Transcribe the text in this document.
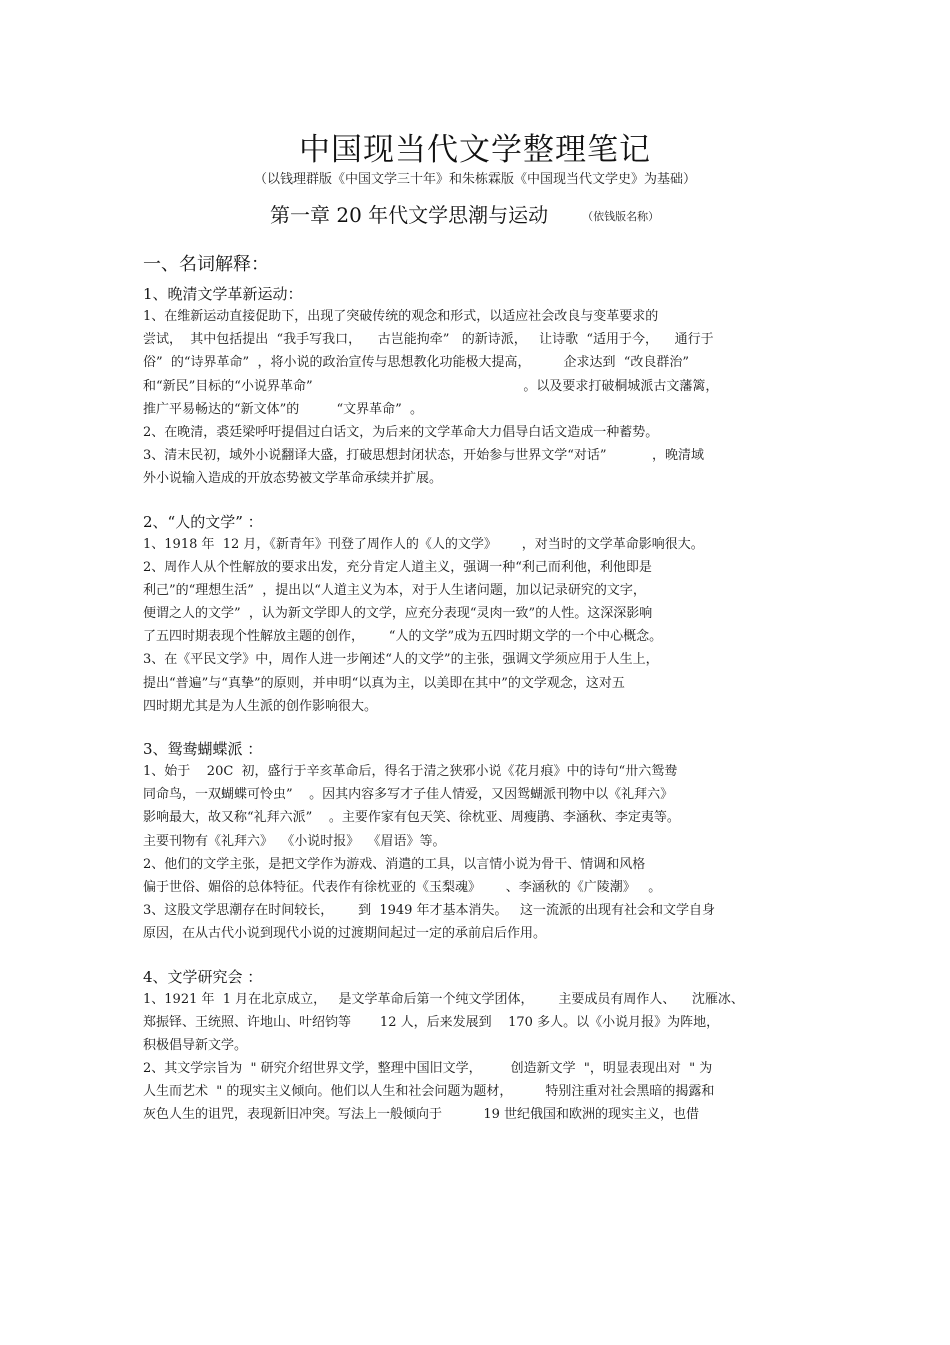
中国现当代文学整理笔记
（以钱理群版《中国文学三十年》和朱栋霖版《中国现当代文学史》为基础）
第一章 20 年代文学思潮与运动	（依钱版名称）
一、名词解释：
1、晚清文学革新运动：
1、在维新运动直接促助下，出现了突破传统的观念和形式，以适应社会改良与变革要求的
尝试，  其中包括提出  “我手写我口，    古岂能拘牵”   的新诗派，   让诗歌  “适用于今，    通行于
俗”  的“诗界革命”  ，将小说的政治宣传与思想教化功能极大提高，        企求达到  “改良群治”
和“新民”目标的“小说界革命”                                                   。以及要求打破桐城派古文藩篱，
推广平易畅达的“新文体”的         “文界革命”  。
2、在晚清，裘廷梁呼吁提倡过白话文，为后来的文学革命大力倡导白话文造成一种蓄势。
3、清末民初，域外小说翻译大盛，打破思想封闭状态，开始参与世界文学“对话”           ，晚清域
外小说输入造成的开放态势被文学革命承续并扩展。
2、“人的文学” ：
1、1918 年  12 月，《新青年》刊登了周作人的《人的文学》      ，对当时的文学革命影响很大。
2、周作人从个性解放的要求出发，充分肯定人道主义，强调一种“利己而利他，利他即是
利己”的“理想生活”  ，提出以“人道主义为本，对于人生诸问题，加以记录研究的文字，
便谓之人的文学”  ，认为新文学即人的文学，应充分表现“灵肉一致”的人性。这深深影响
了五四时期表现个性解放主题的创作，      “人的文学”成为五四时期文学的一个中心概念。
3、在《平民文学》中，周作人进一步阐述“人的文学”的主张，强调文学须应用于人生上，
提出“普遍”与“真挚”的原则，并申明“以真为主，以美即在其中”的文学观念，这对五
四时期尤其是为人生派的创作影响很大。
3、鸳鸯蝴蝶派 ：
1、始于    20C  初，盛行于辛亥革命后，得名于清之狭邪小说《花月痕》中的诗句“卅六鸳鸯
同命鸟，一双蝴蝶可怜虫”    。因其内容多写才子佳人情爱，又因鸳蝴派刊物中以《礼拜六》
影响最大，故又称“礼拜六派”    。主要作家有包天笑、徐枕亚、周瘦鹃、李涵秋、李定夷等。
主要刊物有《礼拜六》  《小说时报》  《眉语》等。
2、他们的文学主张，是把文学作为游戏、消遣的工具，以言情小说为骨干、情调和风格
偏于世俗、媚俗的总体特征。代表作有徐枕亚的《玉梨魂》      、李涵秋的《广陵潮》   。
3、这股文学思潮存在时间较长，      到  1949 年才基本消失。   这一流派的出现有社会和文学自身
原因，在从古代小说到现代小说的过渡期间起过一定的承前启后作用。
4、文学研究会 ：
1、1921 年  1 月在北京成立，   是文学革命后第一个纯文学团体，      主要成员有周作人、    沈雁冰、
郑振铎、王统照、许地山、叶绍钧等       12 人，后来发展到    170 多人。以《小说月报》为阵地，
积极倡导新文学。
2、其文学宗旨为  " 研究介绍世界文学，整理中国旧文学，       创造新文学  "，明显表现出对  " 为
人生而艺术  " 的现实主义倾向。他们以人生和社会问题为题材，        特别注重对社会黑暗的揭露和
灰色人生的诅咒，表现新旧冲突。写法上一般倾向于          19 世纪俄国和欧洲的现实主义，也借
